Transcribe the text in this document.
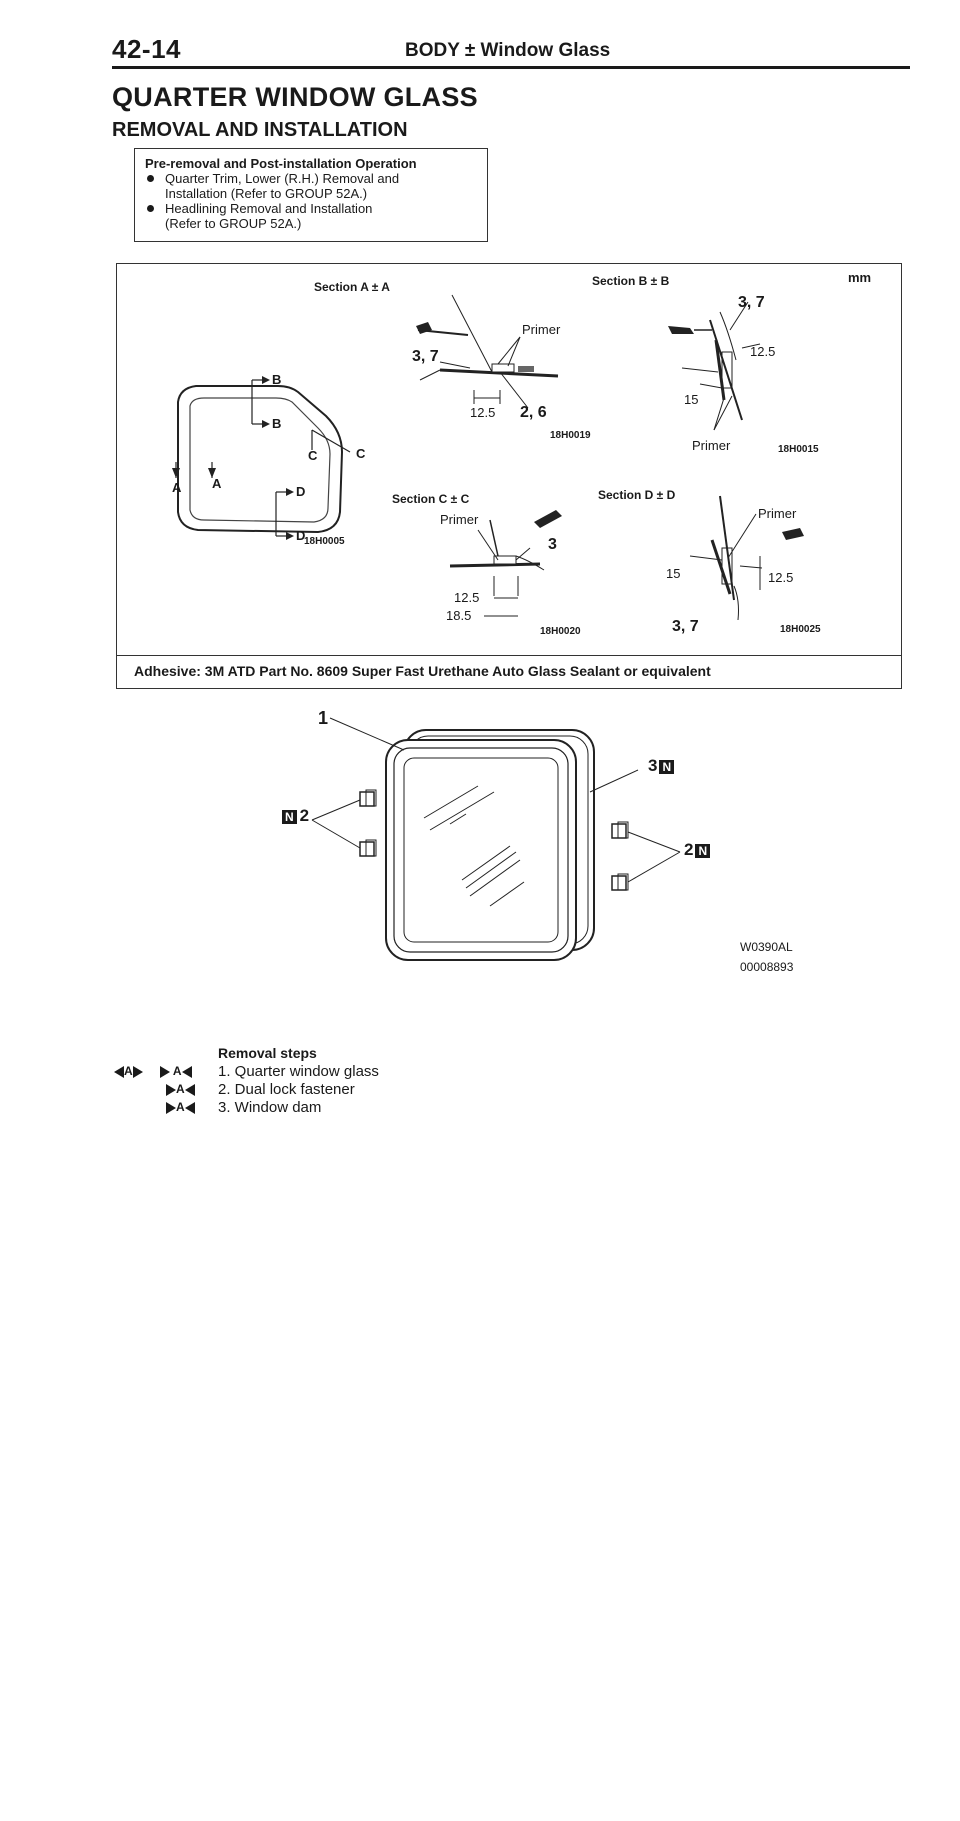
42-14	BODY ± Window Glass
QUARTER WINDOW GLASS
REMOVAL AND INSTALLATION
Pre-removal and Post-installation Operation
Quarter Trim, Lower (R.H.) Removal and
Installation (Refer to GROUP 52A.)
Headlining Removal and Installation
(Refer to GROUP 52A.)
Adhesive: 3M ATD Part No. 8609 Super Fast Urethane Auto Glass Sealant or equivalent
mm
B
B
C	C
A A
D
D
18H0005
Section A ± A
Primer
3, 7
2, 6
12.5
18H0019
Section B ± B
3, 7
12.5
15
Primer	18H0015
Section C ± C
Primer
3
12.5
18.5
18H0020
Section D ± D
Primer
15	12.5
3, 7	18H0025
1
3 N
N 2
2 N
W0390AL
00008893
Removal steps
A	A	1. Quarter window glass
A	2. Dual lock fastener
A	3. Window dam
